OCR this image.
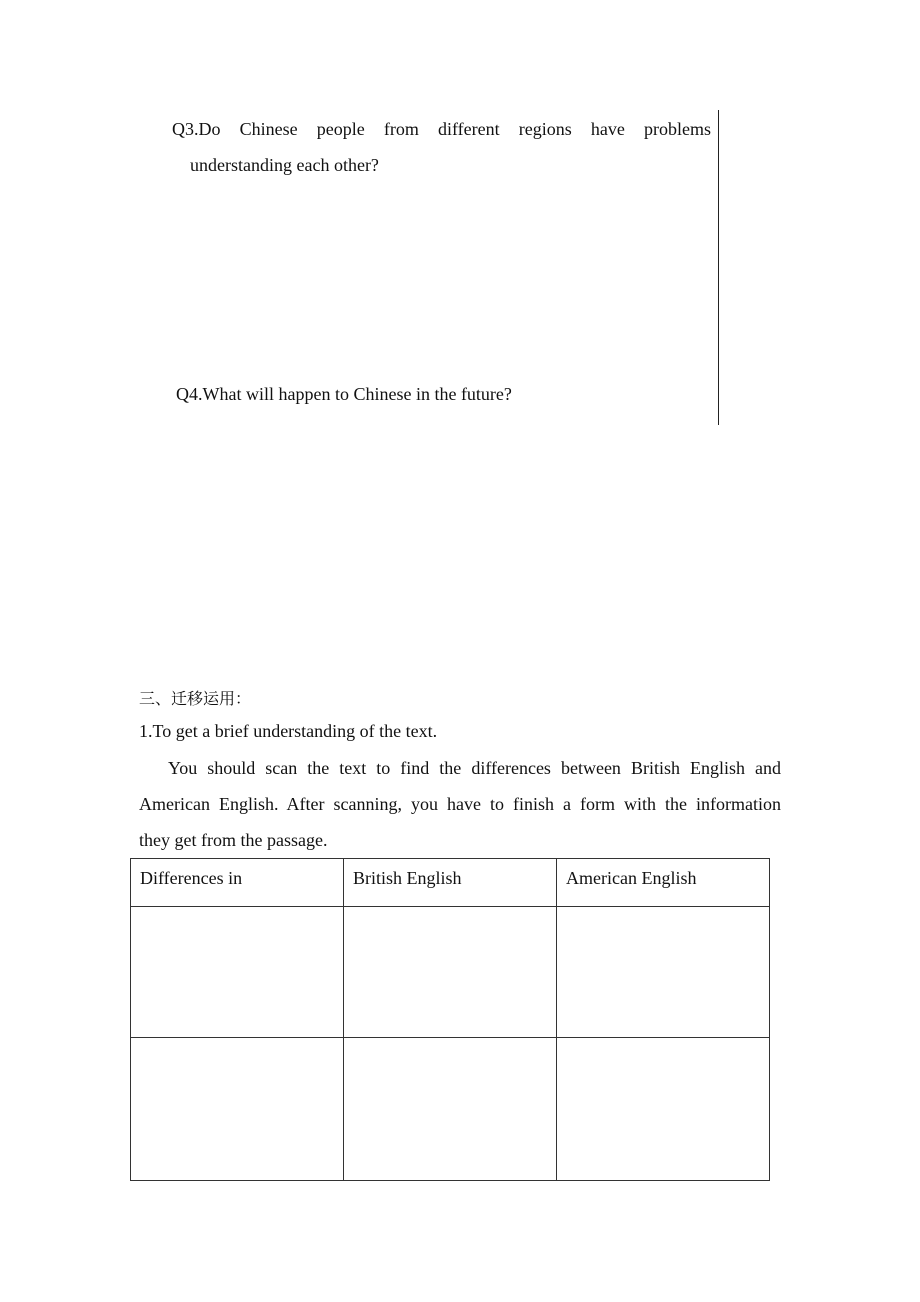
Q3.Do Chinese people from different regions have problems
understanding each other?
Q4.What will happen to Chinese in the future?
三、迁移运用：
1.To get a brief understanding of the text.
You should scan the text to find the differences between British English and
American English. After scanning, you have to finish a form with the information
they get from the passage.
Differences in	British English	American English
